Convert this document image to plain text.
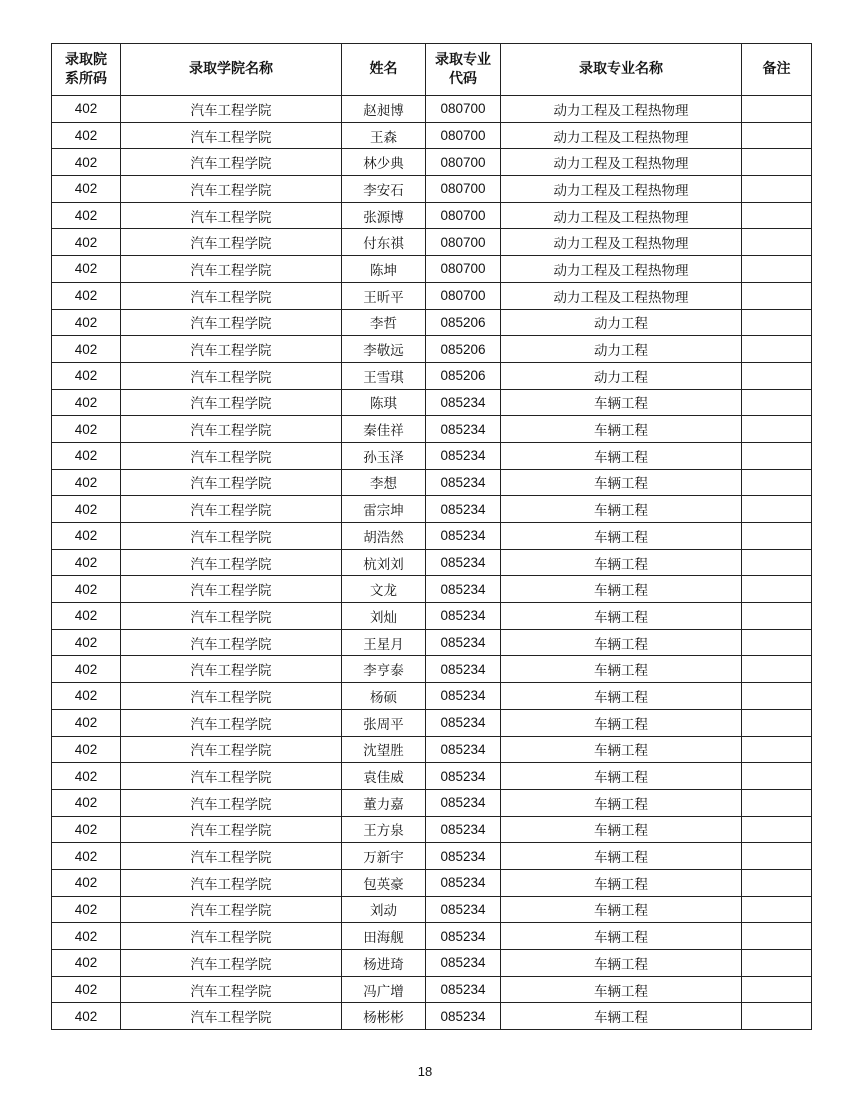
录取院系所码	录取学院名称	姓名	录取专业代码	录取专业名称	备注
402	汽车工程学院	赵昶博	080700	动力工程及工程热物理	
402	汽车工程学院	王森	080700	动力工程及工程热物理	
402	汽车工程学院	林少典	080700	动力工程及工程热物理	
402	汽车工程学院	李安石	080700	动力工程及工程热物理	
402	汽车工程学院	张源博	080700	动力工程及工程热物理	
402	汽车工程学院	付东祺	080700	动力工程及工程热物理	
402	汽车工程学院	陈坤	080700	动力工程及工程热物理	
402	汽车工程学院	王昕平	080700	动力工程及工程热物理	
402	汽车工程学院	李哲	085206	动力工程	
402	汽车工程学院	李敬远	085206	动力工程	
402	汽车工程学院	王雪琪	085206	动力工程	
402	汽车工程学院	陈琪	085234	车辆工程	
402	汽车工程学院	秦佳祥	085234	车辆工程	
402	汽车工程学院	孙玉泽	085234	车辆工程	
402	汽车工程学院	李想	085234	车辆工程	
402	汽车工程学院	雷宗坤	085234	车辆工程	
402	汽车工程学院	胡浩然	085234	车辆工程	
402	汽车工程学院	杭刘刘	085234	车辆工程	
402	汽车工程学院	文龙	085234	车辆工程	
402	汽车工程学院	刘灿	085234	车辆工程	
402	汽车工程学院	王星月	085234	车辆工程	
402	汽车工程学院	李亨泰	085234	车辆工程	
402	汽车工程学院	杨硕	085234	车辆工程	
402	汽车工程学院	张周平	085234	车辆工程	
402	汽车工程学院	沈望胜	085234	车辆工程	
402	汽车工程学院	袁佳威	085234	车辆工程	
402	汽车工程学院	董力嘉	085234	车辆工程	
402	汽车工程学院	王方泉	085234	车辆工程	
402	汽车工程学院	万新宇	085234	车辆工程	
402	汽车工程学院	包英豪	085234	车辆工程	
402	汽车工程学院	刘动	085234	车辆工程	
402	汽车工程学院	田海舰	085234	车辆工程	
402	汽车工程学院	杨进琦	085234	车辆工程	
402	汽车工程学院	冯广增	085234	车辆工程	
402	汽车工程学院	杨彬彬	085234	车辆工程	
18
